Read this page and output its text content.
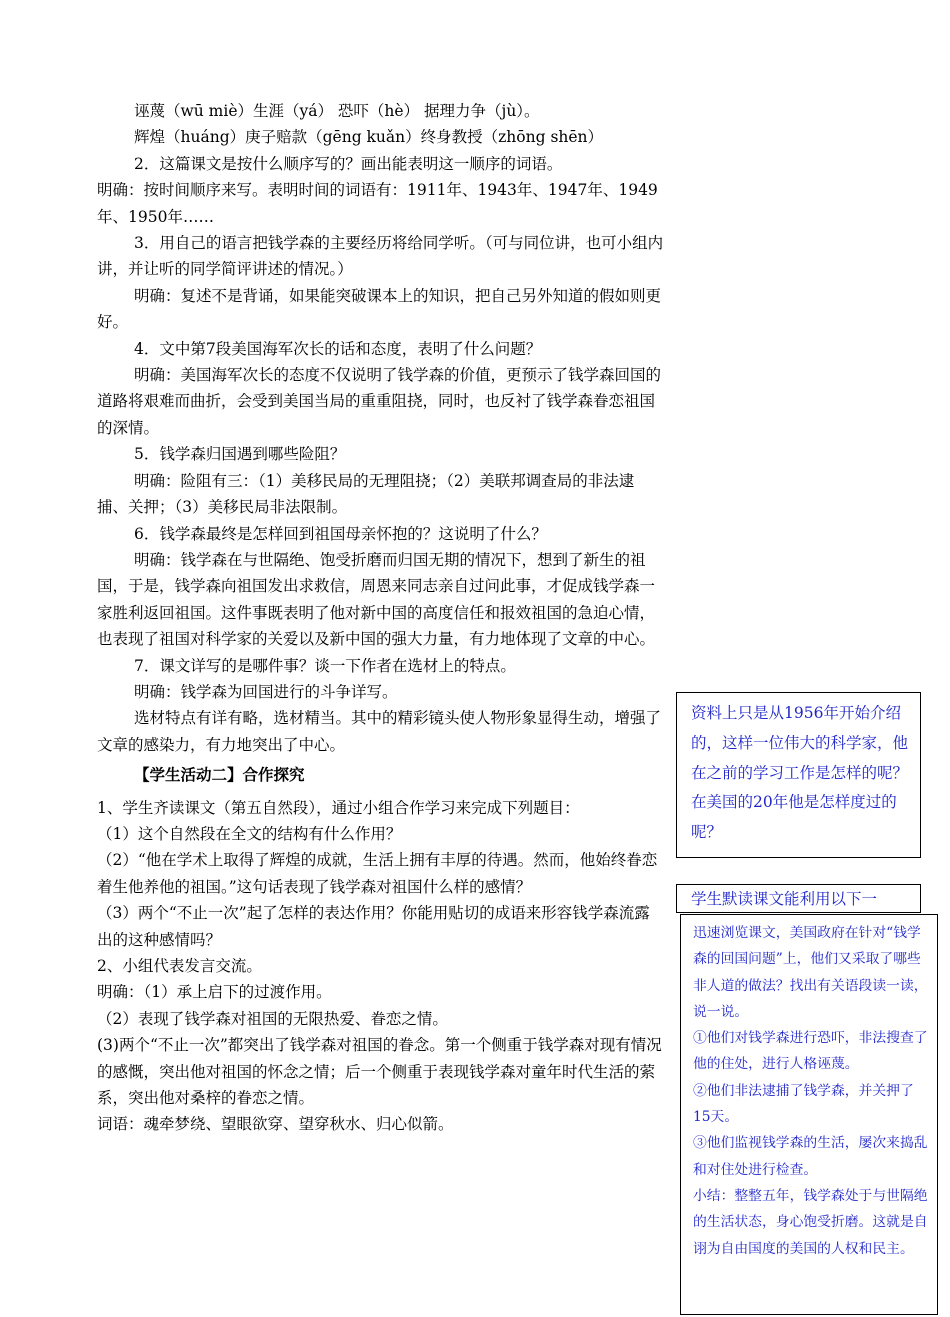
诬蔑（wū miè）生涯（yá） 恐吓（hè） 据理力争（jù）。

辉煌（huáng）庚子赔款（gēng kuǎn）终身教授（zhōng shēn）

2．这篇课文是按什么顺序写的？画出能表明这一顺序的词语。

明确：按时间顺序来写。表明时间的词语有：1911年、1943年、1947年、1949年、1950年……

3．用自己的语言把钱学森的主要经历将给同学听。（可与同位讲，也可小组内讲，并让听的同学简评讲述的情况。）

明确：复述不是背诵，如果能突破课本上的知识，把自己另外知道的假如则更好。

4．文中第7段美国海军次长的话和态度，表明了什么问题？

明确：美国海军次长的态度不仅说明了钱学森的价值，更预示了钱学森回国的道路将艰难而曲折，会受到美国当局的重重阻挠，同时，也反衬了钱学森眷恋祖国的深情。

5．钱学森归国遇到哪些险阻？

明确：险阻有三：（1）美移民局的无理阻挠；（2）美联邦调查局的非法逮捕、关押；（3）美移民局非法限制。

6．钱学森最终是怎样回到祖国母亲怀抱的？这说明了什么？

明确：钱学森在与世隔绝、饱受折磨而归国无期的情况下，想到了新生的祖国，于是，钱学森向祖国发出求救信，周恩来同志亲自过问此事，才促成钱学森一家胜利返回祖国。这件事既表明了他对新中国的高度信任和报效祖国的急迫心情，也表现了祖国对科学家的关爱以及新中国的强大力量，有力地体现了文章的中心。

7．课文详写的是哪件事？谈一下作者在选材上的特点。

明确：钱学森为回国进行的斗争详写。

选材特点有详有略，选材精当。其中的精彩镜头使人物形象显得生动，增强了文章的感染力，有力地突出了中心。

【学生活动二】合作探究

1、学生齐读课文（第五自然段），通过小组合作学习来完成下列题目：

（1）这个自然段在全文的结构有什么作用？

（2）“他在学术上取得了辉煌的成就，生活上拥有丰厚的待遇。然而，他始终眷恋着生他养他的祖国。”这句话表现了钱学森对祖国什么样的感情？

（3）两个“不止一次”起了怎样的表达作用？你能用贴切的成语来形容钱学森流露出的这种感情吗？

2、小组代表发言交流。

明确：（1）承上启下的过渡作用。

（2）表现了钱学森对祖国的无限热爱、眷恋之情。

(3)两个“不止一次”都突出了钱学森对祖国的眷念。第一个侧重于钱学森对现有情况的感慨，突出他对祖国的怀念之情；后一个侧重于表现钱学森对童年时代生活的萦系，突出他对桑梓的眷恋之情。

词语：魂牵梦绕、望眼欲穿、望穿秋水、归心似箭。

资料上只是从1956年开始介绍的，这样一位伟大的科学家，他在之前的学习工作是怎样的呢？

在美国的20年他是怎样度过的呢？

学生默读课文能利用以下一

迅速浏览课文，美国政府在针对“钱学森的回国问题”上，他们又采取了哪些非人道的做法？找出有关语段读一读，说一说。

①他们对钱学森进行恐吓，非法搜查了他的住处，进行人格诬蔑。

②他们非法逮捕了钱学森，并关押了15天。

③他们监视钱学森的生活，屡次来捣乱和对住处进行检查。

小结：整整五年，钱学森处于与世隔绝的生活状态，身心饱受折磨。这就是自诩为自由国度的美国的人权和民主。
